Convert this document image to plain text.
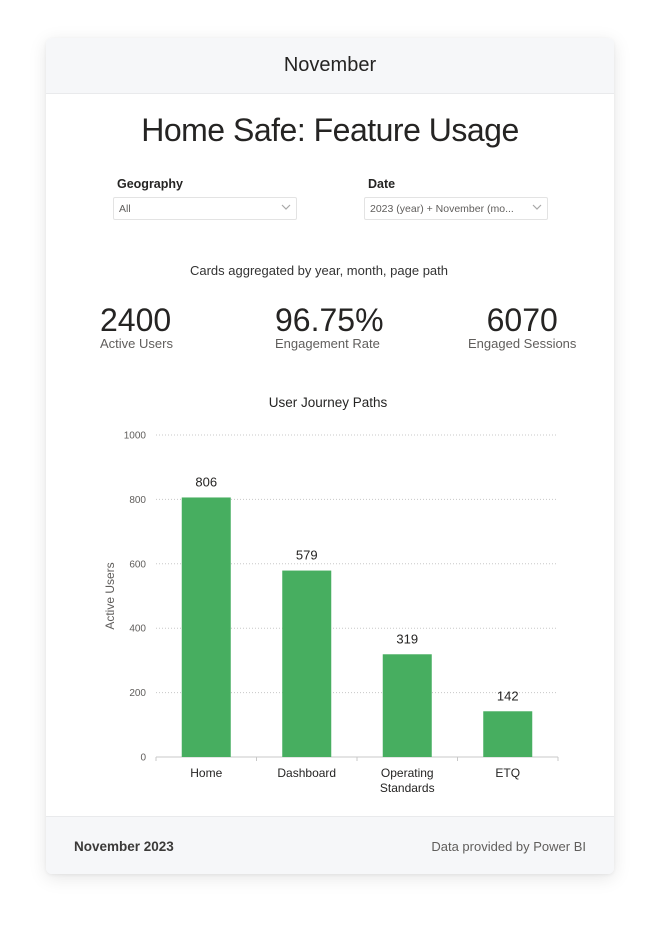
November
Home Safe: Feature Usage
Geography
All
Date
2023 (year) + November (mo...
Cards aggregated by year, month, page path
2400
Active Users
96.75%
Engagement Rate
6070
Engaged Sessions
User Journey Paths
0
200
400
600
800
1000
Active Users
806
Home
579
Dashboard
319
Operating
Standards
142
ETQ
November 2023	Data provided by Power BI
